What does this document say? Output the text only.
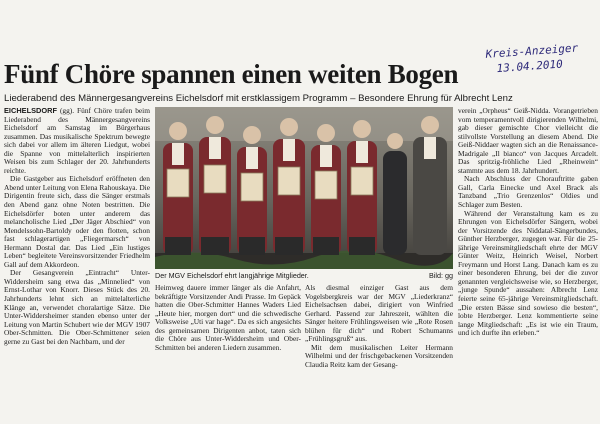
Kreis-Anzeiger
13.04.2010
Fünf Chöre spannen einen weiten Bogen
Liederabend des Männergesangvereins Eichelsdorf mit erstklassigem Programm – Besondere Ehrung für Albrecht Lenz

EICHELSDORF (gg). Fünf Chöre trafen beim Liederabend des Männergesangvereins Eichelsdorf am Samstag im Bürgerhaus zusammen. Das musikalische Spektrum bewegte sich dabei vor allem im älteren Liedgut, wobei die Spanne von mittelalterlich inspirierten Weisen bis zum Schlager der 20. Jahrhunderts reichte.

Die Gastgeber aus Eichelsdorf eröffneten den Abend unter Leitung von Elena Rahouskaya. Die Dirigentin freute sich, dass die Sänger erstmals den Abend ganz ohne Noten bestritten. Die Eichelsdörfer boten unter anderem das melancholische Lied „Der Jäger Abschied“ von Mendelssohn-Bartoldy oder den flotten, schon fast schlagerartigen „Fliegermarsch“ von Hermann Dostal dar. Das Lied „Ein lustiges Leben“ begleitete Vereinsvorsitzender Friedhelm Gall auf dem Akkordeon.

Der Gesangverein „Eintracht“ Unter-Widdersheim sang etwa das „Minnelied“ von Ernst-Lothar von Knorr. Dieses Stück des 20. Jahrhunderts lehnt sich an mittelalterliche Klänge an, verwendet choralartige Sätze. Die Unter-Widdersheimer standen ebenso unter der Leitung von Martin Schubert wie der MGV 1907 Ober-Schmitten. Die Ober-Schmittener seien gerne zu Gast bei den Nachbarn, und der

Der MGV Eichelsdorf ehrt langjährige Mitglieder.	Bild: gg

Heimweg dauere immer länger als die Anfahrt, bekräftigte Vorsitzender Andi Prasse. Im Gepäck hatten die Ober-Schmitter Hannes Waders Lied „Heute hier, morgen dort“ und die schwedische Volksweise „Uti var hage“. Da es sich angesichts des gemeinsamen Dirigenten anbot, taten sich die Chöre aus Unter-Widdersheim und Ober-Schmitten bei anderen Liedern zusammen.

Als diesmal einziger Gast aus dem Vogelsbergkreis war der MGV „Liederkranz“ Eichelsachsen dabei, dirigiert von Winfried Gerhard. Passend zur Jahreszeit, wählten die Sänger heitere Frühlingsweisen wie „Rote Rosen blühen für dich“ und Robert Schumanns „Frühlingsgruß“ aus.

Mit dem musikalischen Leiter Hermann Wilhelmi und der frischgebackenen Vorsitzenden Claudia Reitz kam der Gesang-

verein „Orpheus“ Geiß-Nidda. Vorangetrieben vom temperamentvoll dirigierenden Wilhelmi, gab dieser gemischte Chor vielleicht die stilvollste Vorstellung an diesem Abend. Die Geiß-Niddaer wagten sich an die Renaissance-Madrigale „Il bianco“ von Jacques Arcadelt. Das spritzig-fröhliche Lied „Rheinwein“ stammte aus dem 18. Jahrhundert.

Nach Abschluss der Chorauftritte gaben Gall, Carla Einecke und Axel Brack als Tanzband „Trio Grenzenlos“ Oldies und Schlager zum Besten.

Während der Veranstaltung kam es zu Ehrungen von Eichelsdörfer Sängern, wobei der Vorsitzende des Niddatal-Sängerbundes, Günther Herzberger, zugegen war. Für die 25-jährige Vereinsmitgliedschaft ehrte der MGV Günter Weitz, Heinrich Weisel, Norbert Freymann und Horst Lang. Danach kam es zu einer besonderen Ehrung, bei der die zuvor genannten vergleichsweise wie, so Herzberger, „junge Spunde“ aussahen: Albrecht Lenz feierte seine 65-jährige Vereinsmitgliedschaft. „Die ersten Bässe sind sowieso die besten“, lobte Herzberger. Lenz kommentierte seine lange Mitgliedschaft: „Es ist wie ein Traum, und ich durfte ihn erleben.“
